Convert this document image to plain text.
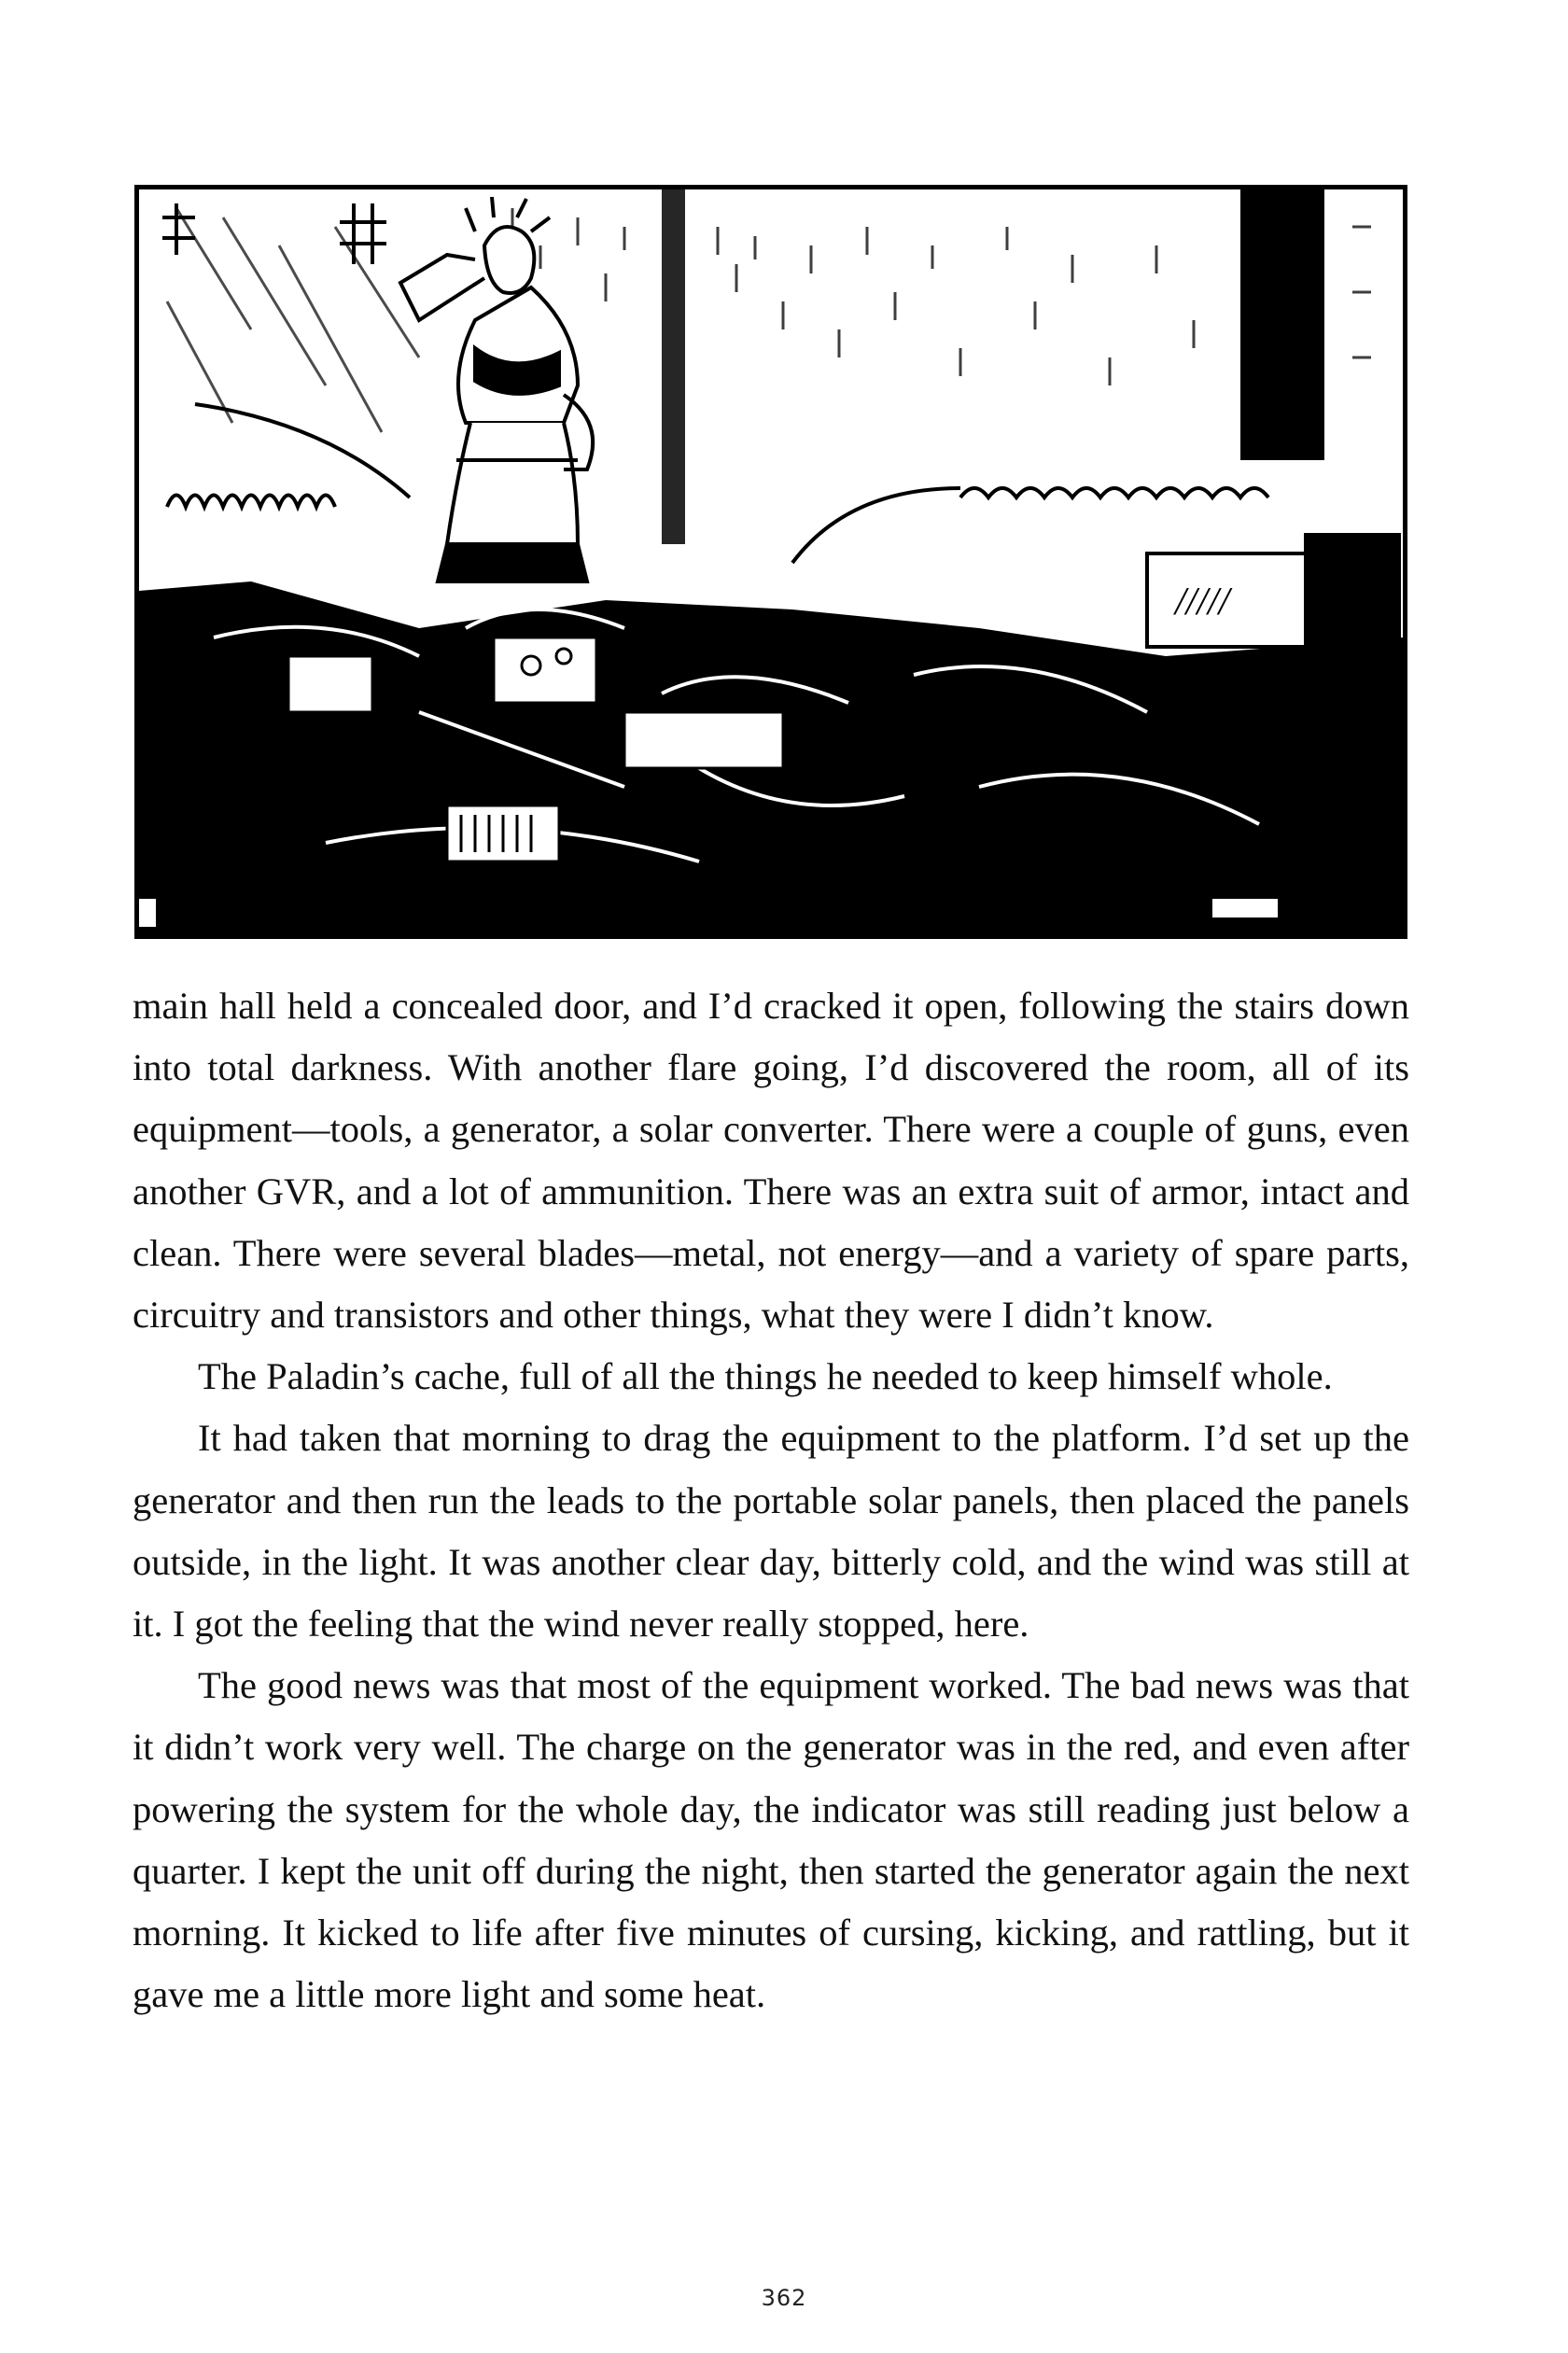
/////

main hall held a concealed door, and I’d cracked it open, following the stairs down into total darkness. With another flare going, I’d discovered the room, all of its equipment—tools, a generator, a solar converter. There were a couple of guns, even another GVR, and a lot of ammunition. There was an extra suit of armor, intact and clean. There were several blades—metal, not energy—and a variety of spare parts, circuitry and transistors and other things, what they were I didn’t know.

The Paladin’s cache, full of all the things he needed to keep himself whole.

It had taken that morning to drag the equipment to the platform. I’d set up the generator and then run the leads to the portable solar panels, then placed the panels outside, in the light. It was another clear day, bitterly cold, and the wind was still at it. I got the feeling that the wind never really stopped, here.

The good news was that most of the equipment worked. The bad news was that it didn’t work very well. The charge on the generator was in the red, and even after powering the system for the whole day, the indicator was still reading just below a quarter. I kept the unit off during the night, then started the generator again the next morning. It kicked to life after five minutes of cursing, kicking, and rattling, but it gave me a little more light and some heat.

362
